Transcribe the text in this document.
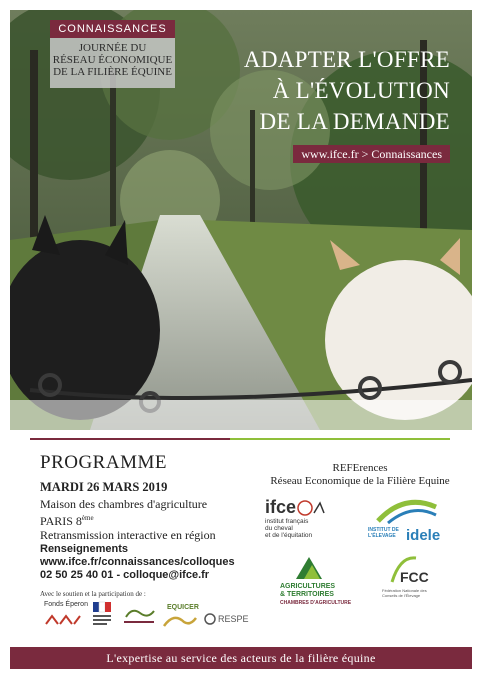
CONNAISSANCES
JOURNÉE DU
RÉSEAU ÉCONOMIQUE
DE LA FILIÈRE ÉQUINE	ADAPTER L'OFFRE
À L'ÉVOLUTION
DE LA DEMANDE
www.ifce.fr > Connaissances
PROGRAMME
MARDI 26 MARS 2019
Maison des chambres d'agriculture
PARIS 8ème
Retransmission interactive en région
Renseignements
www.ifce.fr/connaissances/colloques
02 50 25 40 01 - colloque@ifce.fr
Avec le soutien et la participation de :
Fonds Éperon	EQUICER
RESPE
REFErences
Réseau Economique de la Filière Equine
ifce
institut français
du cheval
et de l'équitation
INSTITUT DE L'ÉLEVAGE idele
AGRICULTURES
& TERRITOIRES
CHAMBRES D'AGRICULTURE
FCC
Fédération Nationale des Conseils de l'Élevage
L'expertise au service des acteurs de la filière équine
